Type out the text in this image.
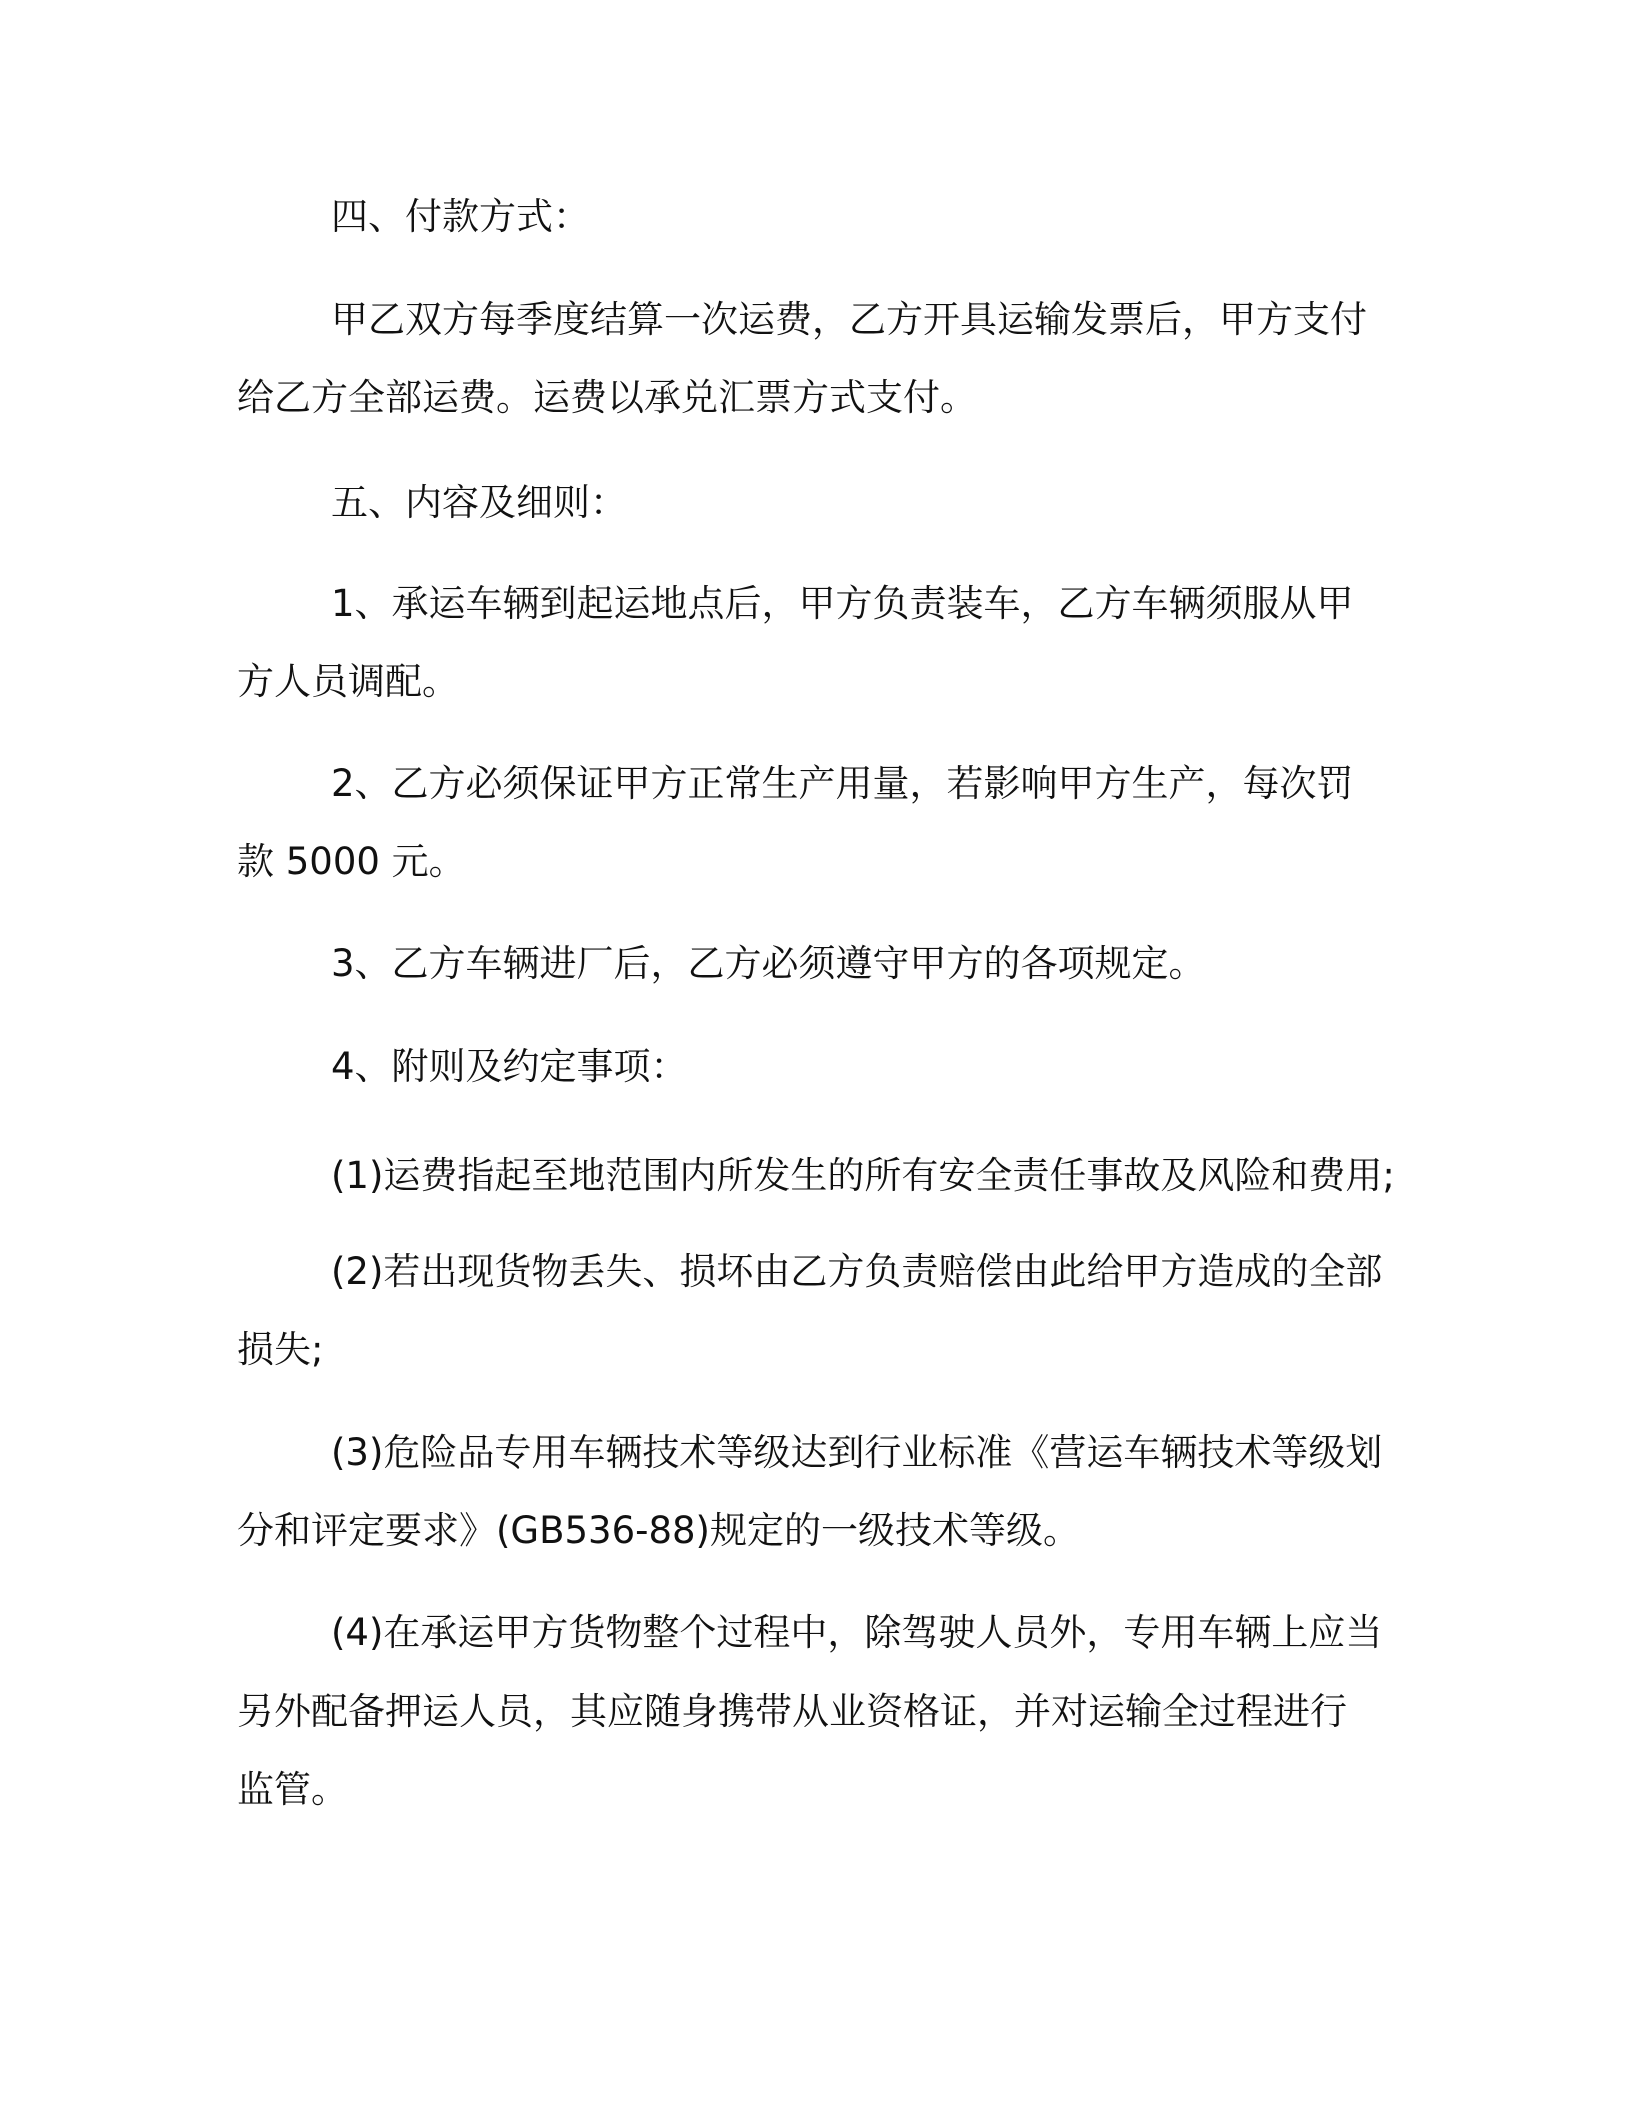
四、付款方式：
甲乙双方每季度结算一次运费，乙方开具运输发票后，甲方支付
给乙方全部运费。运费以承兑汇票方式支付。
五、内容及细则：
1、承运车辆到起运地点后，甲方负责装车，乙方车辆须服从甲
方人员调配。
2、乙方必须保证甲方正常生产用量，若影响甲方生产，每次罚
款 5000 元。
3、乙方车辆进厂后，乙方必须遵守甲方的各项规定。
4、附则及约定事项：
(1)运费指起至地范围内所发生的所有安全责任事故及风险和费用;
(2)若出现货物丢失、损坏由乙方负责赔偿由此给甲方造成的全部
损失;
(3)危险品专用车辆技术等级达到行业标准《营运车辆技术等级划
分和评定要求》(GB536-88)规定的一级技术等级。
(4)在承运甲方货物整个过程中，除驾驶人员外，专用车辆上应当
另外配备押运人员，其应随身携带从业资格证，并对运输全过程进行
监管。
